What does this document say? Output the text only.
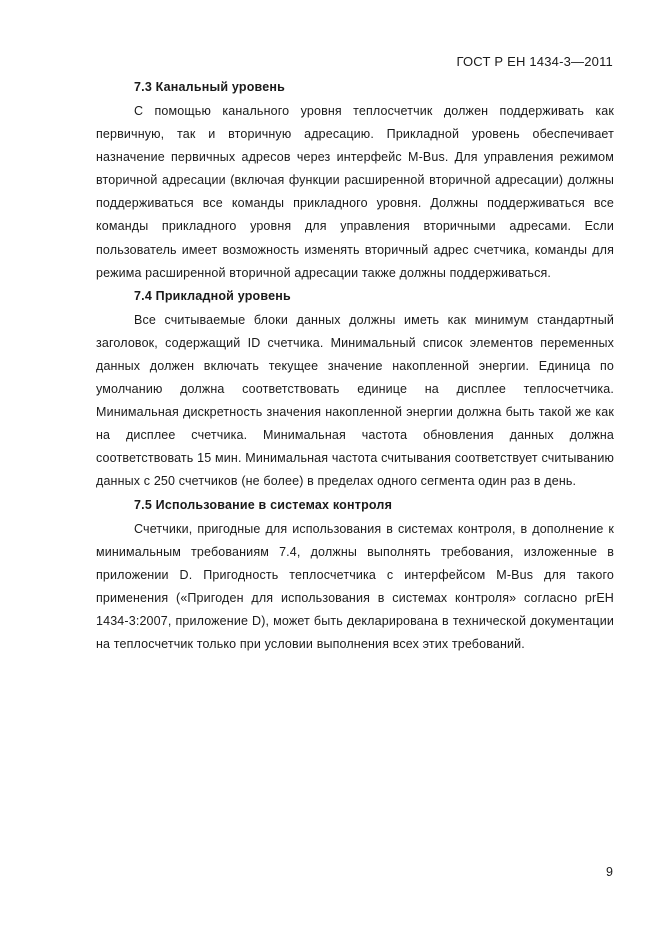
ГОСТ Р ЕН 1434-3—2011
7.3 Канальный уровень

С помощью канального уровня теплосчетчик должен поддерживать как первичную, так и вторичную адресацию. Прикладной уровень обеспечивает назначение первичных адресов через интерфейс M-Bus. Для управления режимом вторичной адресации (включая функции расширенной вторичной адресации) должны поддерживаться все команды прикладного уровня. Должны поддерживаться все команды прикладного уровня для управления вторичными адресами. Если пользователь имеет возможность изменять вторичный адрес счетчика, команды для режима расширенной вторичной адресации также должны поддерживаться.

7.4 Прикладной уровень

Все считываемые блоки данных должны иметь как минимум стандартный заголовок, содержащий ID счетчика. Минимальный список элементов переменных данных должен включать текущее значение накопленной энергии. Единица по умолчанию должна соответствовать единице на дисплее теплосчетчика. Минимальная дискретность значения накопленной энергии должна быть такой же как на дисплее счетчика. Минимальная частота обновления данных должна соответствовать 15 мин. Минимальная частота считывания соответствует считыванию данных с 250 счетчиков (не более) в пределах одного сегмента один раз в день.

7.5 Использование в системах контроля

Счетчики, пригодные для использования в системах контроля, в дополнение к минимальным требованиям 7.4, должны выполнять требования, изложенные в приложении D. Пригодность теплосчетчика с интерфейсом M-Bus для такого применения («Пригоден для использования в системах контроля» согласно prEH 1434-3:2007, приложение D), может быть декларирована в технической документации на теплосчетчик только при условии выполнения всех этих требований.

9
